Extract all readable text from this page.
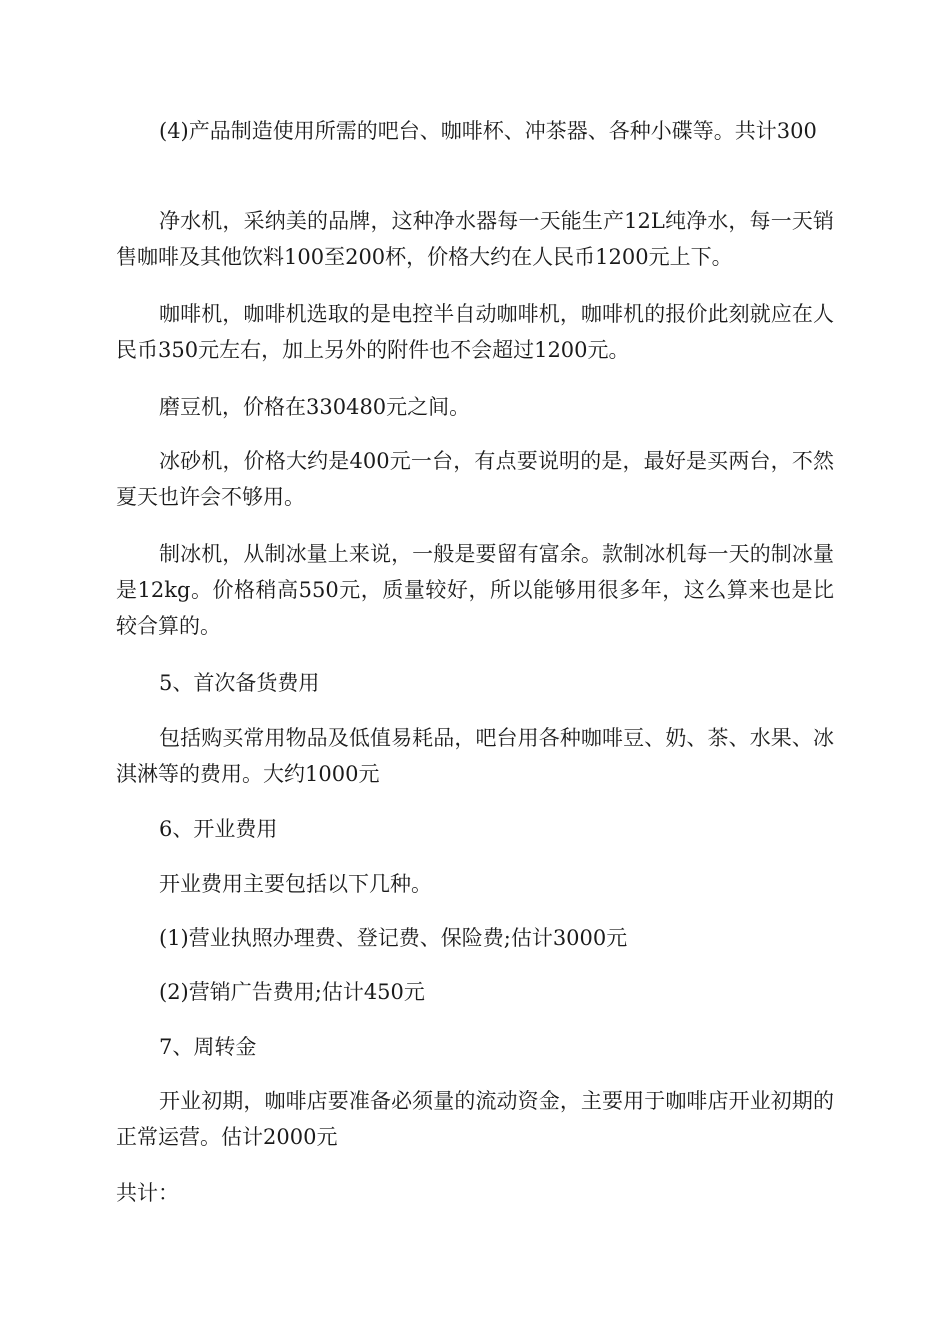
(4)产品制造使用所需的吧台、咖啡杯、冲茶器、各种小碟等。共计300

净水机，采纳美的品牌，这种净水器每一天能生产12L纯净水，每一天销售咖啡及其他饮料100至200杯，价格大约在人民币1200元上下。

咖啡机，咖啡机选取的是电控半自动咖啡机，咖啡机的报价此刻就应在人民币350元左右，加上另外的附件也不会超过1200元。

磨豆机，价格在330480元之间。

冰砂机，价格大约是400元一台，有点要说明的是，最好是买两台，不然夏天也许会不够用。

制冰机，从制冰量上来说，一般是要留有富余。款制冰机每一天的制冰量是12kg。价格稍高550元，质量较好，所以能够用很多年，这么算来也是比较合算的。

5、首次备货费用

包括购买常用物品及低值易耗品，吧台用各种咖啡豆、奶、茶、水果、冰淇淋等的费用。大约1000元

6、开业费用

开业费用主要包括以下几种。

(1)营业执照办理费、登记费、保险费;估计3000元

(2)营销广告费用;估计450元

7、周转金

开业初期，咖啡店要准备必须量的流动资金，主要用于咖啡店开业初期的正常运营。估计2000元

共计：
